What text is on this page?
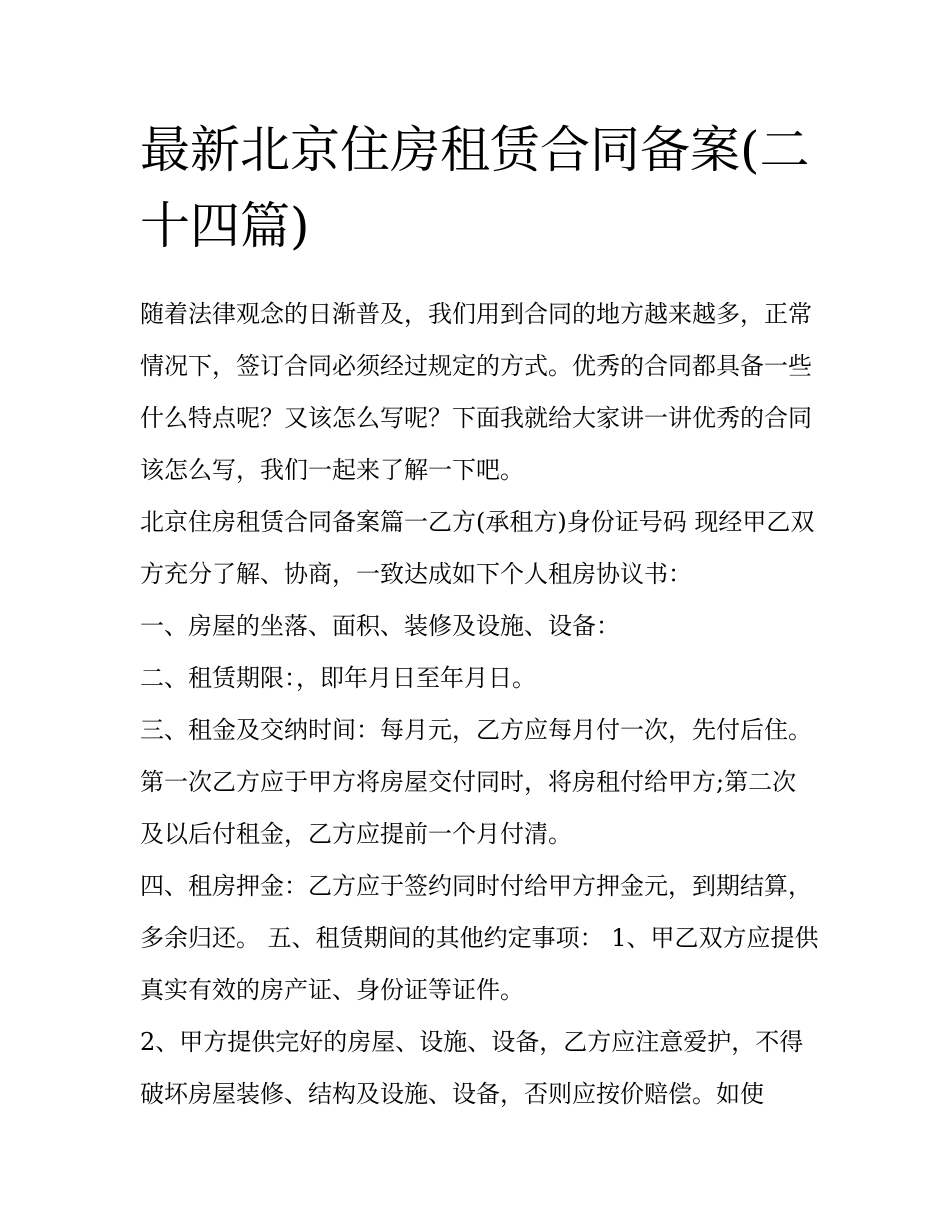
最新北京住房租赁合同备案(二十四篇)

随着法律观念的日渐普及，我们用到合同的地方越来越多，正常情况下，签订合同必须经过规定的方式。优秀的合同都具备一些什么特点呢？又该怎么写呢？下面我就给大家讲一讲优秀的合同该怎么写，我们一起来了解一下吧。

北京住房租赁合同备案篇一乙方(承租方)身份证号码 现经甲乙双方充分了解、协商，一致达成如下个人租房协议书：

一、房屋的坐落、面积、装修及设施、设备：

二、租赁期限：，即年月日至年月日。

三、租金及交纳时间：每月元，乙方应每月付一次，先付后住。第一次乙方应于甲方将房屋交付同时，将房租付给甲方;第二次及以后付租金，乙方应提前一个月付清。

四、租房押金：乙方应于签约同时付给甲方押金元，到期结算，多余归还。 五、租赁期间的其他约定事项： 1、甲乙双方应提供真实有效的房产证、身份证等证件。

2、甲方提供完好的房屋、设施、设备，乙方应注意爱护，不得破坏房屋装修、结构及设施、设备，否则应按价赔偿。如使
